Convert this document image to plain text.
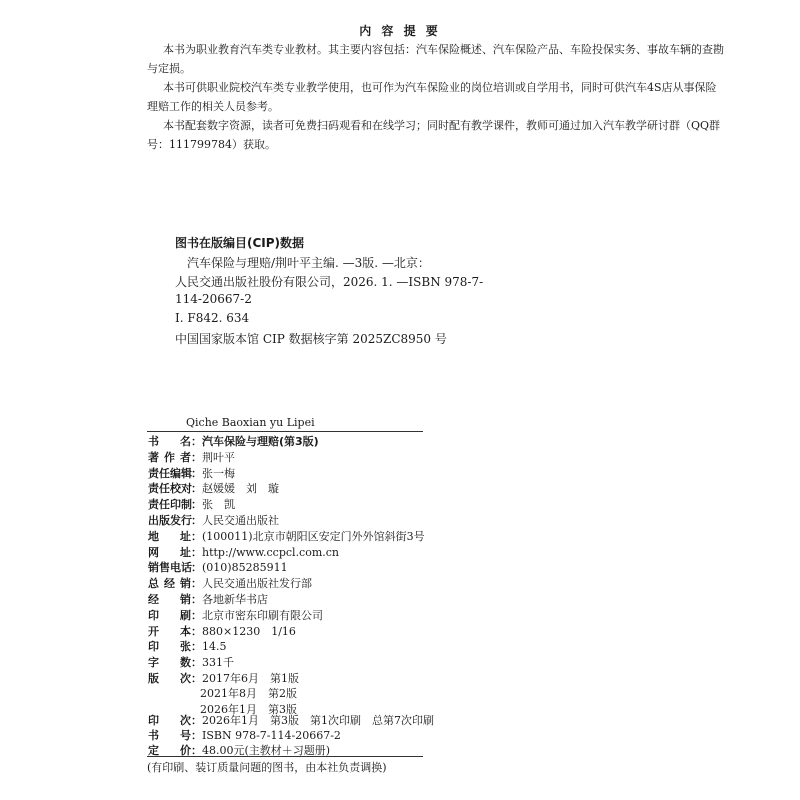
内 容 提 要
本书为职业教育汽车类专业教材。其主要内容包括：汽车保险概述、汽车保险产品、车险投保实务、事故车辆的查勘
与定损。
本书可供职业院校汽车类专业教学使用，也可作为汽车保险业的岗位培训或自学用书，同时可供汽车4S店从事保险
理赔工作的相关人员参考。
本书配套数字资源，读者可免费扫码观看和在线学习；同时配有教学课件，教师可通过加入汽车教学研讨群（QQ群
号：111799784）获取。
图书在版编目(CIP)数据
汽车保险与理赔/荆叶平主编. —3版. —北京：
人民交通出版社股份有限公司，2026. 1. —ISBN 978-7-
114-20667-2
Ⅰ. F842. 634
中国国家版本馆 CIP 数据核字第 2025ZC8950 号
Qiche Baoxian yu Lipei
书　名 ： 汽车保险与理赔(第3版)
著作者 ： 荆叶平
责任编辑 ： 张一梅
责任校对 ： 赵媛媛　刘　璇
责任印制 ： 张　凯
出版发行 ： 人民交通出版社
地　址 ： (100011)北京市朝阳区安定门外外馆斜街3号
网　址 ： http://www.ccpcl.com.cn
销售电话 ： (010)85285911
总经销 ： 人民交通出版社发行部
经　销 ： 各地新华书店
印　刷 ： 北京市密东印刷有限公司
开　本 ： 880×1230　1/16
印　张 ： 14.5
字　数 ： 331千
版　次 ： 2017年6月　第1版
2021年8月　第2版
2026年1月　第3版
印　次 ： 2026年1月　第3版　第1次印刷　总第7次印刷
书　号 ： ISBN 978-7-114-20667-2
定　价 ： 48.00元(主教材＋习题册)
(有印刷、装订质量问题的图书，由本社负责调换)
